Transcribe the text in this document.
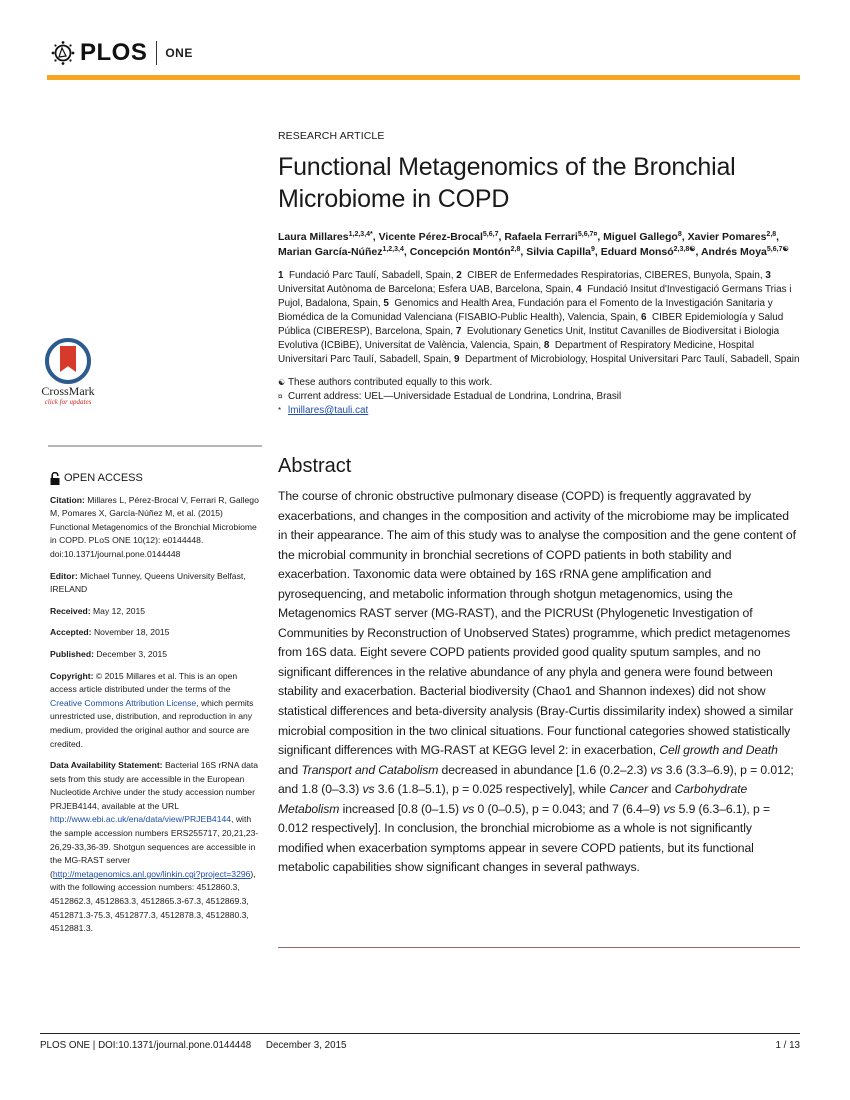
PLOS ONE
CrossMark
click for updates
OPEN ACCESS

Citation: Millares L, Pérez-Brocal V, Ferrari R, Gallego M, Pomares X, García-Núñez M, et al. (2015) Functional Metagenomics of the Bronchial Microbiome in COPD. PLoS ONE 10(12): e0144448. doi:10.1371/journal.pone.0144448

Editor: Michael Tunney, Queens University Belfast, IRELAND

Received: May 12, 2015

Accepted: November 18, 2015

Published: December 3, 2015

Copyright: © 2015 Millares et al. This is an open access article distributed under the terms of the Creative Commons Attribution License, which permits unrestricted use, distribution, and reproduction in any medium, provided the original author and source are credited.

Data Availability Statement: Bacterial 16S rRNA data sets from this study are accessible in the European Nucleotide Archive under the study accession number PRJEB4144, available at the URL http://www.ebi.ac.uk/ena/data/view/PRJEB4144, with the sample accession numbers ERS255717, 20,21,23-26,29-33,36-39. Shotgun sequences are accessible in the MG-RAST server (http://metagenomics.anl.gov/linkin.cgi?project=3296), with the following accession numbers: 4512860.3, 4512862.3, 4512863.3, 4512865.3-67.3, 4512869.3, 4512871.3-75.3, 4512877.3, 4512878.3, 4512880.3, 4512881.3.

RESEARCH ARTICLE
Functional Metagenomics of the Bronchial Microbiome in COPD
Laura Millares$^{1,2,3,4*}$, Vicente Pérez-Brocal$^{5,6,7}$, Rafaela Ferrari$^{5,6,7¤}$, Miguel Gallego$^8$, Xavier Pomares$^{2,8}$, Marian García-Núñez$^{1,2,3,4}$, Concepción Montón$^{2,8}$, Silvia Capilla$^9$, Eduard Monsó$^{2,3,8☯}$, Andrés Moya$^{5,6,7☯}$
1 Fundació Parc Taulí, Sabadell, Spain, 2 CIBER de Enfermedades Respiratorias, CIBERES, Bunyola, Spain, 3  Universitat Autònoma de Barcelona; Esfera UAB, Barcelona, Spain, 4 Fundació Insitut d'Investigació Germans Trias i Pujol, Badalona, Spain, 5 Genomics and Health Area, Fundación para el Fomento de la Investigación Sanitaria y Biomédica de la Comunidad Valenciana (FISABIO-Public Health), Valencia, Spain, 6 CIBER Epidemiología y Salud Pública (CIBERESP), Barcelona, Spain, 7 Evolutionary Genetics Unit, Institut Cavanilles de Biodiversitat i Biologia Evolutiva (ICBiBE), Universitat de València, Valencia, Spain, 8 Department of Respiratory Medicine, Hospital Universitari Parc Taulí, Sabadell, Spain, 9 Department of Microbiology, Hospital Universitari Parc Taulí, Sabadell, Spain
☯ These authors contributed equally to this work.
¤ Current address: UEL—Universidade Estadual de Londrina, Londrina, Brasil
* lmillares@tauli.cat
Abstract
The course of chronic obstructive pulmonary disease (COPD) is frequently aggravated by exacerbations, and changes in the composition and activity of the microbiome may be implicated in their appearance. The aim of this study was to analyse the composition and the gene content of the microbial community in bronchial secretions of COPD patients in both stability and exacerbation. Taxonomic data were obtained by 16S rRNA gene amplification and pyrosequencing, and metabolic information through shotgun metagenomics, using the Metagenomics RAST server (MG-RAST), and the PICRUSt (Phylogenetic Investigation of Communities by Reconstruction of Unobserved States) programme, which predict metagenomes from 16S data. Eight severe COPD patients provided good quality sputum samples, and no significant differences in the relative abundance of any phyla and genera were found between stability and exacerbation. Bacterial biodiversity (Chao1 and Shannon indexes) did not show statistical differences and beta-diversity analysis (Bray-Curtis dissimilarity index) showed a similar microbial composition in the two clinical situations. Four functional categories showed statistically significant differences with MG-RAST at KEGG level 2: in exacerbation, Cell growth and Death and Transport and Catabolism decreased in abundance [1.6 (0.2–2.3) vs 3.6 (3.3–6.9), p = 0.012; and 1.8 (0–3.3) vs 3.6 (1.8–5.1), p = 0.025 respectively], while Cancer and Carbohydrate Metabolism increased [0.8 (0–1.5) vs 0 (0–0.5), p = 0.043; and 7 (6.4–9) vs 5.9 (6.3–6.1), p = 0.012 respectively]. In conclusion, the bronchial microbiome as a whole is not significantly modified when exacerbation symptoms appear in severe COPD patients, but its functional metabolic capabilities show significant changes in several pathways.
PLOS ONE | DOI:10.1371/journal.pone.0144448 December 3, 2015	1 / 13
